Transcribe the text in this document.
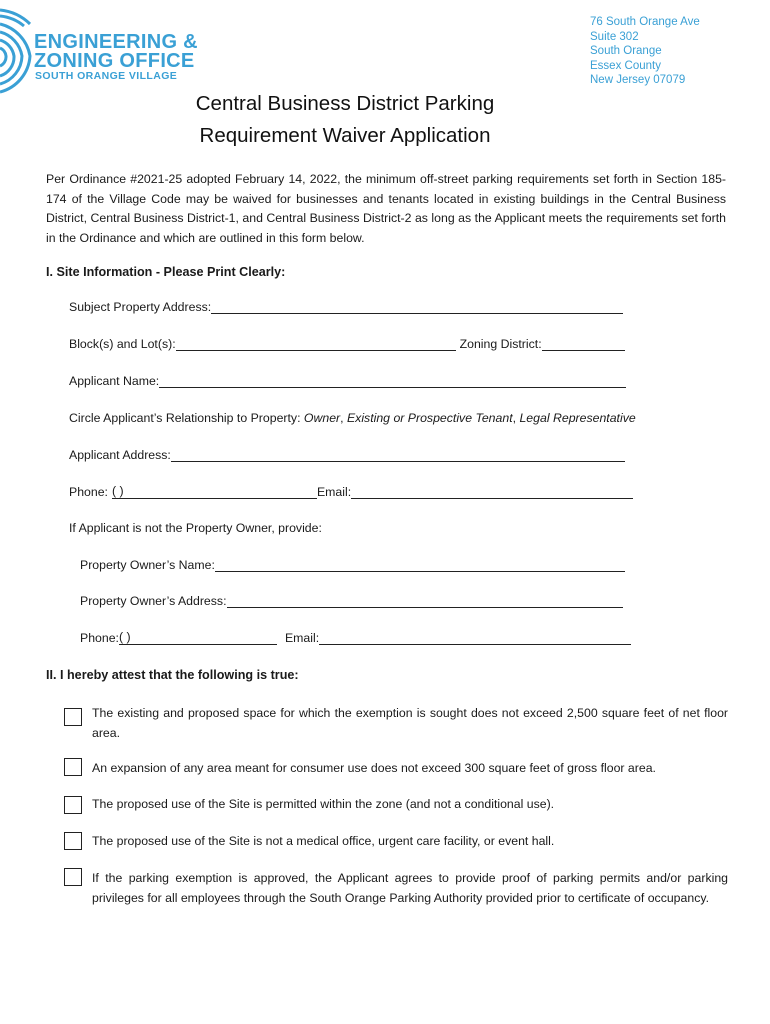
ENGINEERING &
ZONING OFFICE
SOUTH ORANGE VILLAGE
76 South Orange Ave
Suite 302
South Orange
Essex County
New Jersey 07079
Central Business District Parking
Requirement Waiver Application
Per Ordinance #2021-25 adopted February 14, 2022, the minimum off-street parking requirements set forth in Section 185-174 of the Village Code may be waived for businesses and tenants located in existing buildings in the Central Business District, Central Business District-1, and Central Business District-2 as long as the Applicant meets the requirements set forth in the Ordinance and which are outlined in this form below.
I. Site Information - Please Print Clearly:
Subject Property Address:
Block(s) and Lot(s):	Zoning District:
Applicant Name:
Circle Applicant’s Relationship to Property:
Owner , Existing or Prospective Tenant , Legal Representative
Applicant Address:
Phone: ( )	Email:
If Applicant is not the Property Owner, provide:
Property Owner’s Name:
Property Owner’s Address:
Phone: ( )	Email:
II. I hereby attest that the following is true:
The existing and proposed space for which the exemption is sought does not exceed 2,500 square feet of net floor area.
An expansion of any area meant for consumer use does not exceed 300 square feet of gross floor area.
The proposed use of the Site is permitted within the zone (and not a conditional use).
The proposed use of the Site is not a medical office, urgent care facility, or event hall.
If the parking exemption is approved, the Applicant agrees to provide proof of parking permits and/or parking privileges for all employees through the South Orange Parking Authority provided prior to certificate of occupancy.
